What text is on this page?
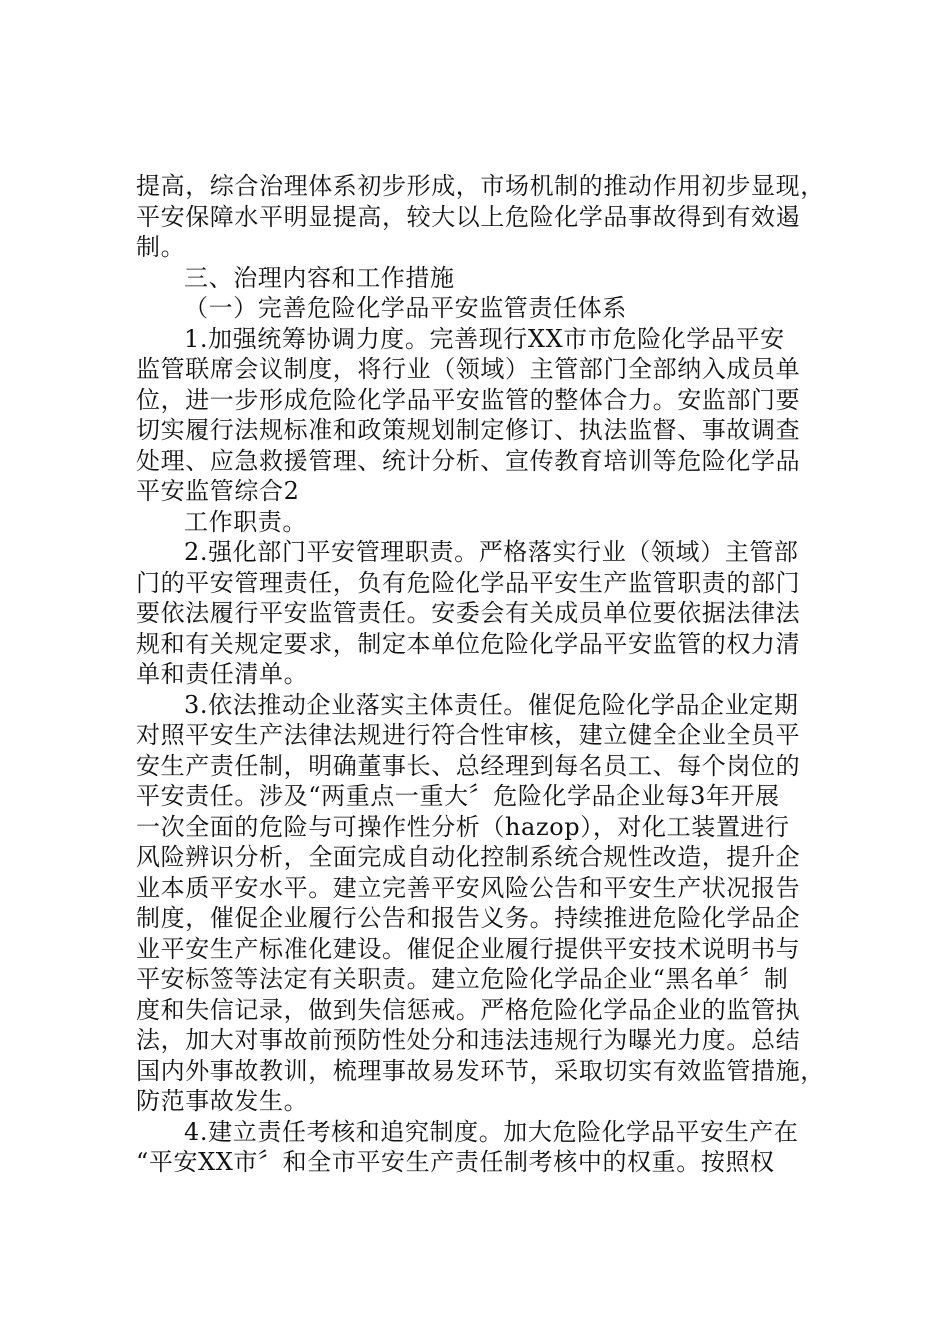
提高，综合治理体系初步形成，市场机制的推动作用初步显现，
平安保障水平明显提高，较大以上危险化学品事故得到有效遏
制。
三、治理内容和工作措施
（一）完善危险化学品平安监管责任体系
1.加强统筹协调力度。完善现行XX市市危险化学品平安
监管联席会议制度，将行业（领域）主管部门全部纳入成员单
位，进一步形成危险化学品平安监管的整体合力。安监部门要
切实履行法规标准和政策规划制定修订、执法监督、事故调查
处理、应急救援管理、统计分析、宣传教育培训等危险化学品
平安监管综合2
工作职责。
2.强化部门平安管理职责。严格落实行业（领域）主管部
门的平安管理责任，负有危险化学品平安生产监管职责的部门
要依法履行平安监管责任。安委会有关成员单位要依据法律法
规和有关规定要求，制定本单位危险化学品平安监管的权力清
单和责任清单。
3.依法推动企业落实主体责任。催促危险化学品企业定期
对照平安生产法律法规进行符合性审核，建立健全企业全员平
安生产责任制，明确董事长、总经理到每名员工、每个岗位的
平安责任。涉及“两重点一重大〞危险化学品企业每3年开展
一次全面的危险与可操作性分析（hazop），对化工装置进行
风险辨识分析，全面完成自动化控制系统合规性改造，提升企
业本质平安水平。建立完善平安风险公告和平安生产状况报告
制度，催促企业履行公告和报告义务。持续推进危险化学品企
业平安生产标准化建设。催促企业履行提供平安技术说明书与
平安标签等法定有关职责。建立危险化学品企业“黑名单〞制
度和失信记录，做到失信惩戒。严格危险化学品企业的监管执
法，加大对事故前预防性处分和违法违规行为曝光力度。总结
国内外事故教训，梳理事故易发环节，采取切实有效监管措施，
防范事故发生。
4.建立责任考核和追究制度。加大危险化学品平安生产在
“平安XX市〞和全市平安生产责任制考核中的权重。按照权
